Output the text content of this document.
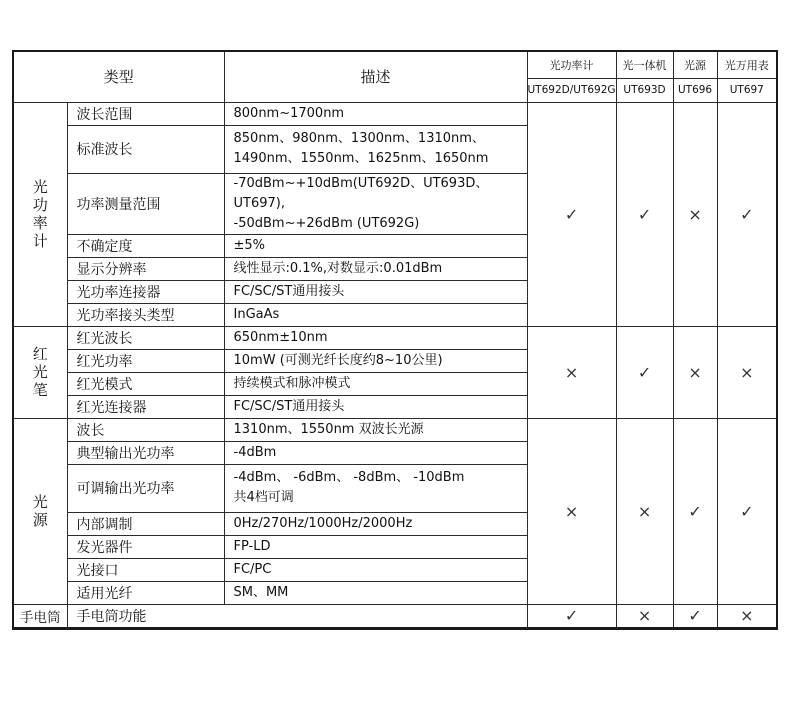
类型		描述	光功率计	光一体机	光源	光万用表
			UT692D/UT692G	UT693D	UT696	UT697
光功率计	波长范围	800nm~1700nm	✓	✓	×	✓
	标准波长	850nm、980nm、1300nm、1310nm、
1490nm、1550nm、1625nm、1650nm				

	功率测量范围	-70dBm~+10dBm(UT692D、UT693D、UT697),
-50dBm~+26dBm (UT692G)				

	不确定度	±5%				
	显示分辨率	线性显示:0.1%,对数显示:0.01dBm				
	光功率连接器	FC/SC/ST通用接头				
	光功率接头类型	InGaAs				
红光笔	红光波长	650nm±10nm	×	✓	×	×
	红光功率	10mW (可测光纤长度约8~10公里)				
	红光模式	持续模式和脉冲模式				
	红光连接器	FC/SC/ST通用接头				
光源	波长	1310nm、1550nm 双波长光源	×	×	✓	✓
	典型输出光功率	-4dBm				
	可调输出光功率	-4dBm、 -6dBm、 -8dBm、 -10dBm
共4档可调				

	内部调制	0Hz/270Hz/1000Hz/2000Hz				
	发光器件	FP-LD				
	光接口	FC/PC				
	适用光纤	SM、MM				
手电筒	手电筒功能		✓	×	✓	×
